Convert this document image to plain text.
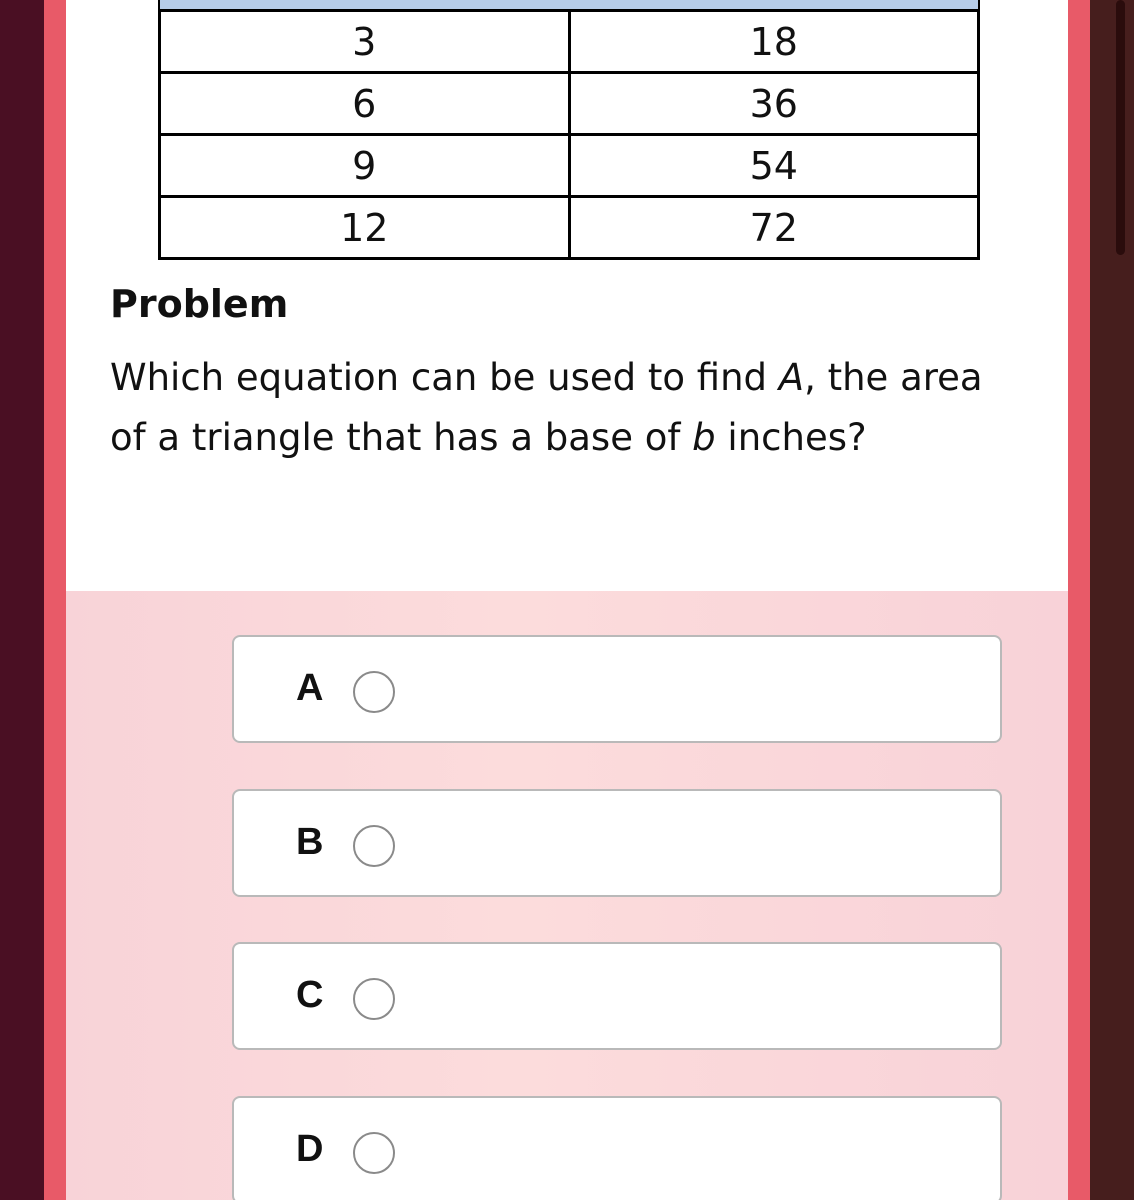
3	18
6	36
9	54
12	72
Problem
Which equation can be used to find A, the area of a triangle that has a base of b inches?
A
B
C
D
